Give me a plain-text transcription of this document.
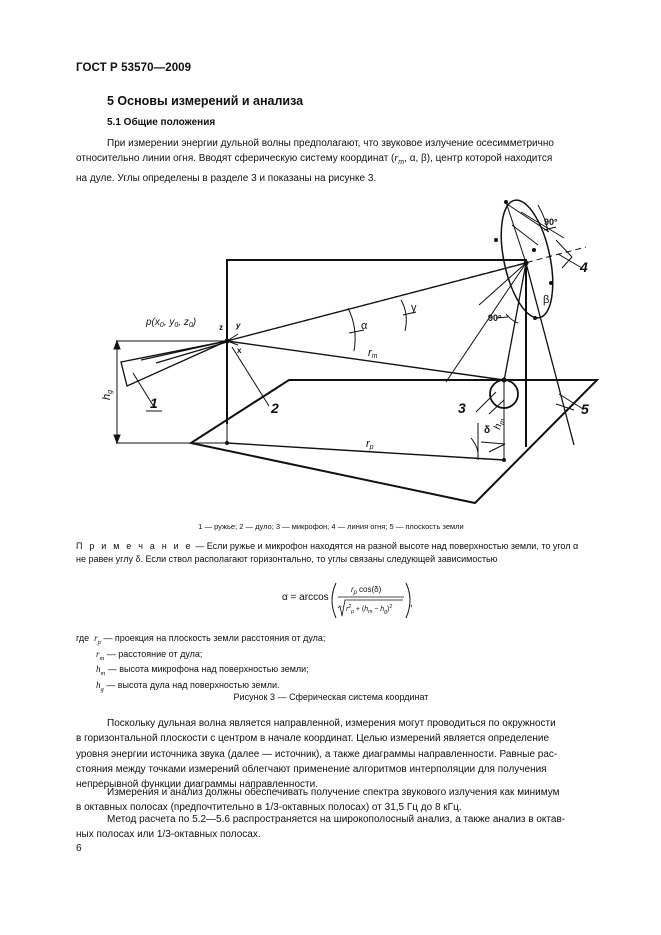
ГОСТ Р 53570—2009
5 Основы измерений и анализа
5.1 Общие положения
При измерении энергии дульной волны предполагают, что звуковое излучение осесимметрично
относительно линии огня. Вводят сферическую систему координат ($r_m$, α, β), центр которой находится
на дуле. Углы определены в разделе 3 и показаны на рисунке 3.
$p(x_0$, $y_0$, $z_0$)	z y
x
α
γ
β
δ
90°
90°
rm
rp
hg
$h_m$
1	2	3
4
5
1 — ружье; 2 — дуло; 3 — микрофон; 4 — линия огня; 5 — плоскость земли
П р и м е ч а н и е — Если ружье и микрофон находятся на разной высоте над поверхностью земли, то угол α
не равен углу δ. Если ствол располагают горизонтально, то углы связаны следующей зависимостью
α = arccos
$r_p$ cos(δ)
$r^2_p + (h_m - h_g)^2$ ,
где $r_p$ — проекция на плоскость земли расстояния от дула;
$r_m$ — расстояние от дула;
$h_m$ — высота микрофона над поверхностью земли;
$h_g$ — высота дула над поверхностью земли.
Рисунок 3 — Сферическая система координат
Поскольку дульная волна является направленной, измерения могут проводиться по окружности
в горизонтальной плоскости с центром в начале координат. Целью измерений является определение
уровня энергии источника звука (далее — источник), а также диаграммы направленности. Равные рас-
стояния между точками измерений облегчают применение алгоритмов интерполяции для получения
непрерывной функции диаграммы направленности.
Измерения и анализ должны обеспечивать получение спектра звукового излучения как минимум
в октавных полосах (предпочтительно в 1/3-октавных полосах) от 31,5 Гц до 8 кГц.
Метод расчета по 5.2—5.6 распространяется на широкополосный анализ, а также анализ в октав-
ных полосах или 1/3-октавных полосах.
6
